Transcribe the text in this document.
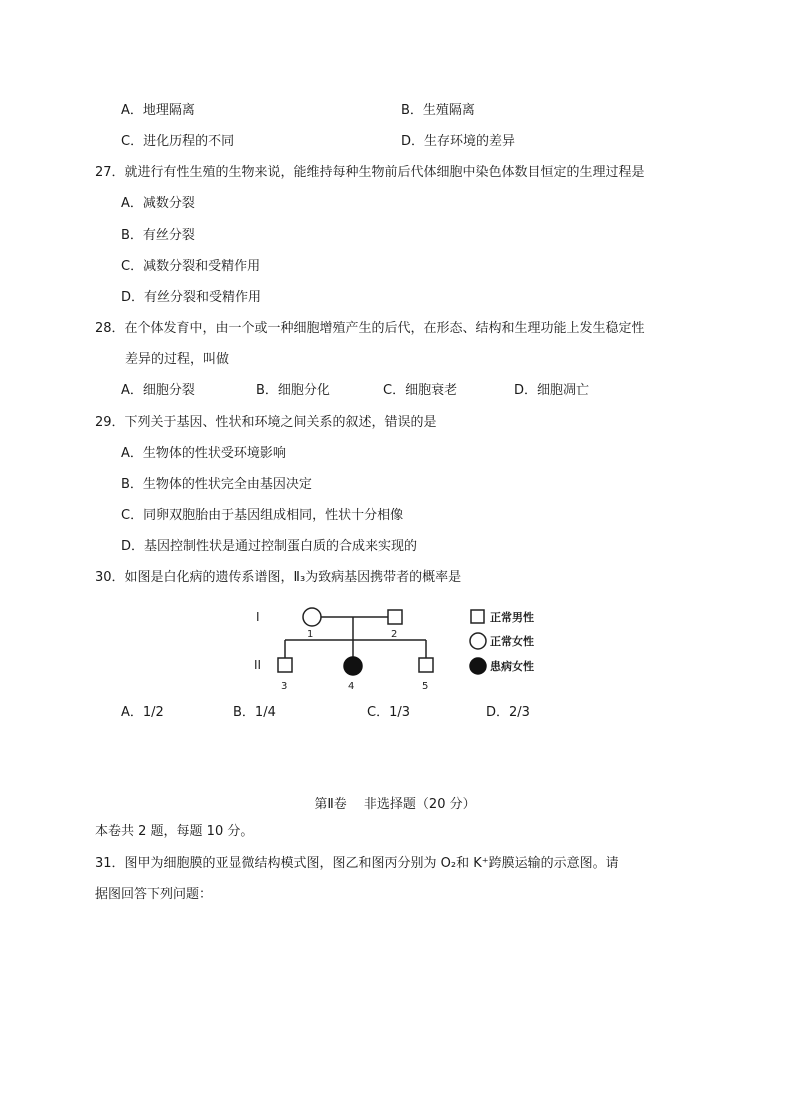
A．地理隔离	B．生殖隔离
C．进化历程的不同	D．生存环境的差异
27．就进行有性生殖的生物来说，能维持每种生物前后代体细胞中染色体数目恒定的生理过程是
A．减数分裂
B．有丝分裂
C．减数分裂和受精作用
D．有丝分裂和受精作用
28．在个体发育中，由一个或一种细胞增殖产生的后代，在形态、结构和生理功能上发生稳定性
差异的过程，叫做
A．细胞分裂	B．细胞分化	C．细胞衰老	D．细胞凋亡
29．下列关于基因、性状和环境之间关系的叙述，错误的是
A．生物体的性状受环境影响
B．生物体的性状完全由基因决定
C．同卵双胞胎由于基因组成相同，性状十分相像
D．基因控制性状是通过控制蛋白质的合成来实现的
30．如图是白化病的遗传系谱图，Ⅱ₃为致病基因携带者的概率是
I
II
1	2
3	4	5
正常男性
正常女性
患病女性
A．1/2	B．1/4	C．1/3	D．2/3
第Ⅱ卷　 非选择题（20 分）
本卷共 2 题，每题 10 分。
31．图甲为细胞膜的亚显微结构模式图，图乙和图丙分别为 O₂和 K⁺跨膜运输的示意图。请
据图回答下列问题：
